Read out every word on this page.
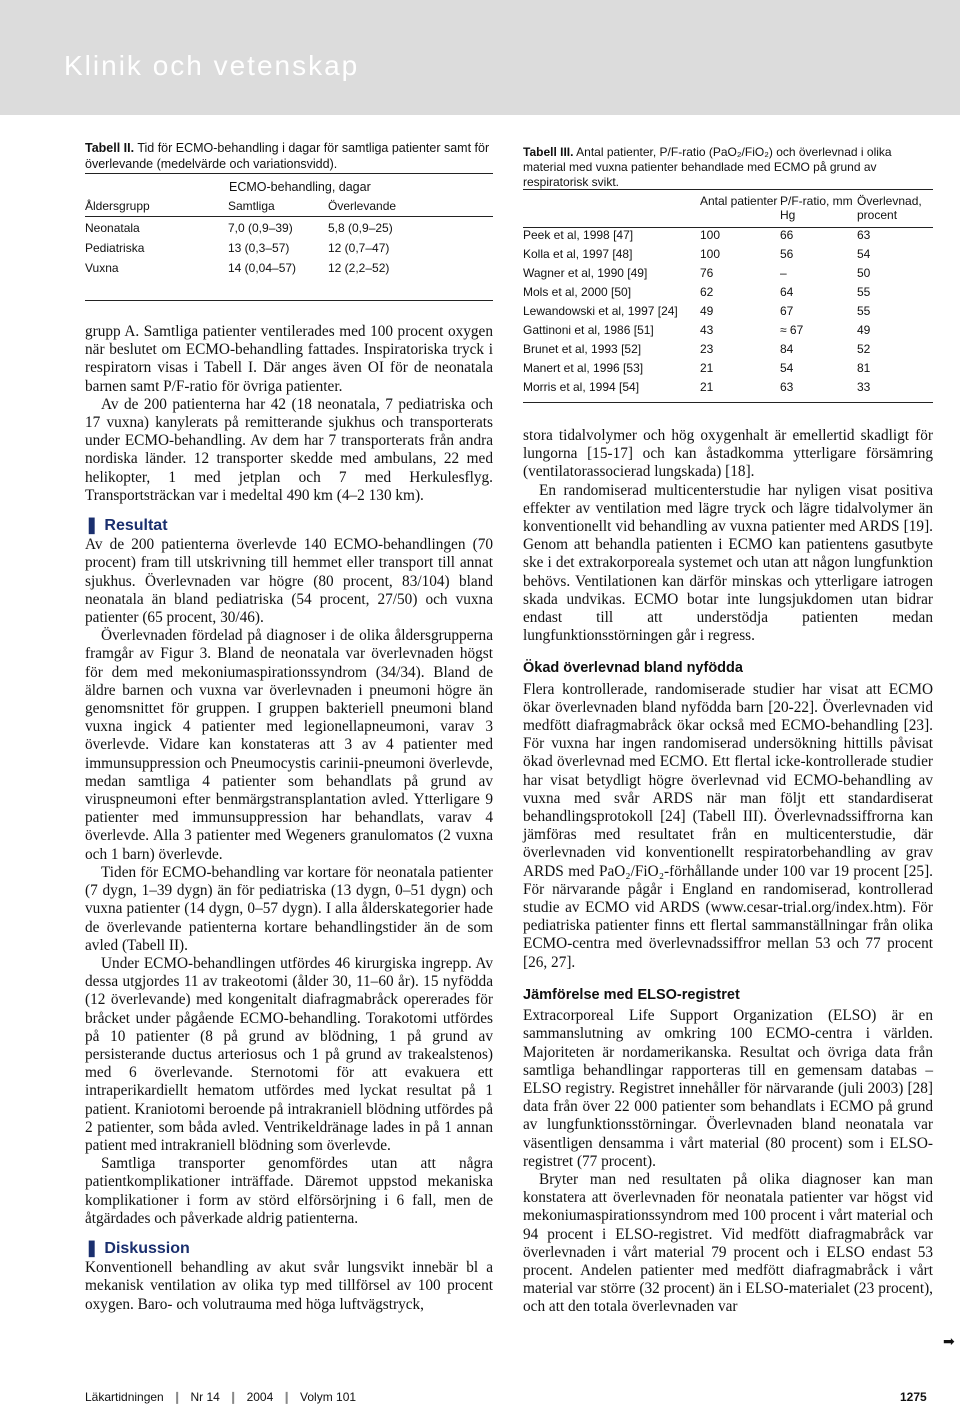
Klinik och vetenskap
Tabell II. Tid för ECMO-behandling i dagar för samtliga patienter samt för överlevande (medelvärde och variationsvidd).
ECMO-behandling, dagar
Åldersgrupp	Samtliga	Överlevande
Neonatala	7,0 (0,9–39)	5,8 (0,9–25)
Pediatriska	13 (0,3–57)	12 (0,7–47)
Vuxna	14 (0,04–57)	12 (2,2–52)

grupp A. Samtliga patienter ventilerades med 100 procent oxygen när beslutet om ECMO-behandling fattades. Inspiratoriska tryck i respiratorn visas i Tabell I. Där anges även OI för de neonatala barnen samt P/F-ratio för övriga patienter.

Av de 200 patienterna har 42 (18 neonatala, 7 pediatriska och 17 vuxna) kanylerats på remitterande sjukhus och transporterats under ECMO-behandling. Av dem har 7 transporterats från andra nordiska länder. 12 transporter skedde med ambulans, 22 med helikopter, 1 med jetplan och 7 med Herkulesflyg. Transportsträckan var i medeltal 490 km (4–2 130 km).

❚ Resultat

Av de 200 patienterna överlevde 140 ECMO-behandlingen (70 procent) fram till utskrivning till hemmet eller transport till annat sjukhus. Överlevnaden var högre (80 procent, 83/104) bland neonatala än bland pediatriska (54 procent, 27/50) och vuxna patienter (65 procent, 30/46).

Överlevnaden fördelad på diagnoser i de olika åldersgrupperna framgår av Figur 3. Bland de neonatala var överlevnaden högst för dem med mekoniumaspirationssyndrom (34/34). Bland de äldre barnen och vuxna var överlevnaden i pneumoni högre än genomsnittet för gruppen. I gruppen bakteriell pneumoni bland vuxna ingick 4 patienter med legionellapneumoni, varav 3 överlevde. Vidare kan konstateras att 3 av 4 patienter med immunsuppression och Pneumocystis carinii-pneumoni överlevde, medan samtliga 4 patienter som behandlats på grund av viruspneumoni efter benmärgstransplantation avled. Ytterligare 9 patienter med immunsuppression har behandlats, varav 4 överlevde. Alla 3 patienter med Wegeners granulomatos (2 vuxna och 1 barn) överlevde.

Tiden för ECMO-behandling var kortare för neonatala patienter (7 dygn, 1–39 dygn) än för pediatriska (13 dygn, 0–51 dygn) och vuxna patienter (14 dygn, 0–57 dygn). I alla ålderskategorier hade de överlevande patienterna kortare behandlingstider än de som avled (Tabell II).

Under ECMO-behandlingen utfördes 46 kirurgiska ingrepp. Av dessa utgjordes 11 av trakeotomi (ålder 30, 11–60 år). 15 nyfödda (12 överlevande) med kongenitalt diafragmabråck opererades för bråcket under pågående ECMO-behandling. Torakotomi utfördes på 10 patienter (8 på grund av blödning, 1 på grund av persisterande ductus arteriosus och 1 på grund av trakealstenos) med 6 överlevande. Sternotomi för att evakuera ett intraperikardiellt hematom utfördes med lyckat resultat på 1 patient. Kraniotomi beroende på intrakraniell blödning utfördes på 2 patienter, som båda avled. Ventrikeldränage lades in på 1 annan patient med intrakraniell blödning som överlevde.

Samtliga transporter genomfördes utan att några patientkomplikationer inträffade. Däremot uppstod mekaniska komplikationer i form av störd elförsörjning i 6 fall, men de åtgärdades och påverkade aldrig patienterna.

❚ Diskussion

Konventionell behandling av akut svår lungsvikt innebär bl a mekanisk ventilation av olika typ med tillförsel av 100 procent oxygen. Baro- och volutrauma med höga luftvägstryck,

Tabell III. Antal patienter, P/F-ratio (PaO₂/FiO₂) och överlevnad i olika material med vuxna patienter behandlade med ECMO på grund av respiratorisk svikt.
	Antal patienter	P/F-ratio, mm Hg	Överlevnad, procent
Peek et al, 1998 [47]	100	66	63
Kolla et al, 1997 [48]	100	56	54
Wagner et al, 1990 [49]	76	–	50
Mols et al, 2000 [50]	62	64	55
Lewandowski et al, 1997 [24]	49	67	55
Gattinoni et al, 1986 [51]	43	≈ 67	49
Brunet et al, 1993 [52]	23	84	52
Manert et al, 1996 [53]	21	54	81
Morris et al, 1994 [54]	21	63	33

stora tidalvolymer och hög oxygenhalt är emellertid skadligt för lungorna [15-17] och kan åstadkomma ytterligare försämring (ventilatorassocierad lungskada) [18].

En randomiserad multicenterstudie har nyligen visat positiva effekter av ventilation med lägre tryck och lägre tidalvolymer än konventionellt vid behandling av vuxna patienter med ARDS [19]. Genom att behandla patienten i ECMO kan patientens gasutbyte ske i det extrakorporeala systemet och utan att någon lungfunktion behövs. Ventilationen kan därför minskas och ytterligare iatrogen skada undvikas. ECMO botar inte lungsjukdomen utan bidrar endast till att understödja patienten medan lungfunktionsstörningen går i regress.

Ökad överlevnad bland nyfödda

Flera kontrollerade, randomiserade studier har visat att ECMO ökar överlevnaden bland nyfödda barn [20-22]. Överlevnaden vid medfött diafragmabråck ökar också med ECMO-behandling [23]. För vuxna har ingen randomiserad undersökning hittills påvisat ökad överlevnad med ECMO. Ett flertal icke-kontrollerade studier har visat betydligt högre överlevnad vid ECMO-behandling av vuxna med svår ARDS när man följt ett standardiserat behandlingsprotokoll [24] (Tabell III). Överlevnadssiffrorna kan jämföras med resultatet från en multicenterstudie, där överlevnaden vid konventionellt respiratorbehandling av grav ARDS med PaO₂/FiO₂-förhållande under 100 var 19 procent [25]. För närvarande pågår i England en randomiserad, kontrollerad studie av ECMO vid ARDS (www.cesar-trial.org/index.htm). För pediatriska patienter finns ett flertal sammanställningar från olika ECMO-centra med överlevnadssiffror mellan 53 och 77 procent [26, 27].

Jämförelse med ELSO-registret

Extracorporeal Life Support Organization (ELSO) är en sammanslutning av omkring 100 ECMO-centra i världen. Majoriteten är nordamerikanska. Resultat och övriga data från samtliga behandlingar rapporteras till en gemensam databas – ELSO registry. Registret innehåller för närvarande (juli 2003) [28] data från över 22 000 patienter som behandlats i ECMO på grund av lungfunktionsstörningar. Överlevnaden bland neonatala var väsentligen densamma i vårt material (80 procent) som i ELSO-registret (77 procent).

Bryter man ned resultaten på olika diagnoser kan man konstatera att överlevnaden för neonatala patienter var högst vid mekoniumaspirationssyndrom med 100 procent i vårt material och 94 procent i ELSO-registret. Vid medfött diafragmabråck var överlevnaden i vårt material 79 procent och i ELSO endast 53 procent. Andelen patienter med medfött diafragmabråck i vårt material var större (32 procent) än i ELSO-materialet (23 procent), och att den totala överlevnaden var

➡
Läkartidningen ❙ Nr 14 ❙ 2004 ❙ Volym 101	1275
